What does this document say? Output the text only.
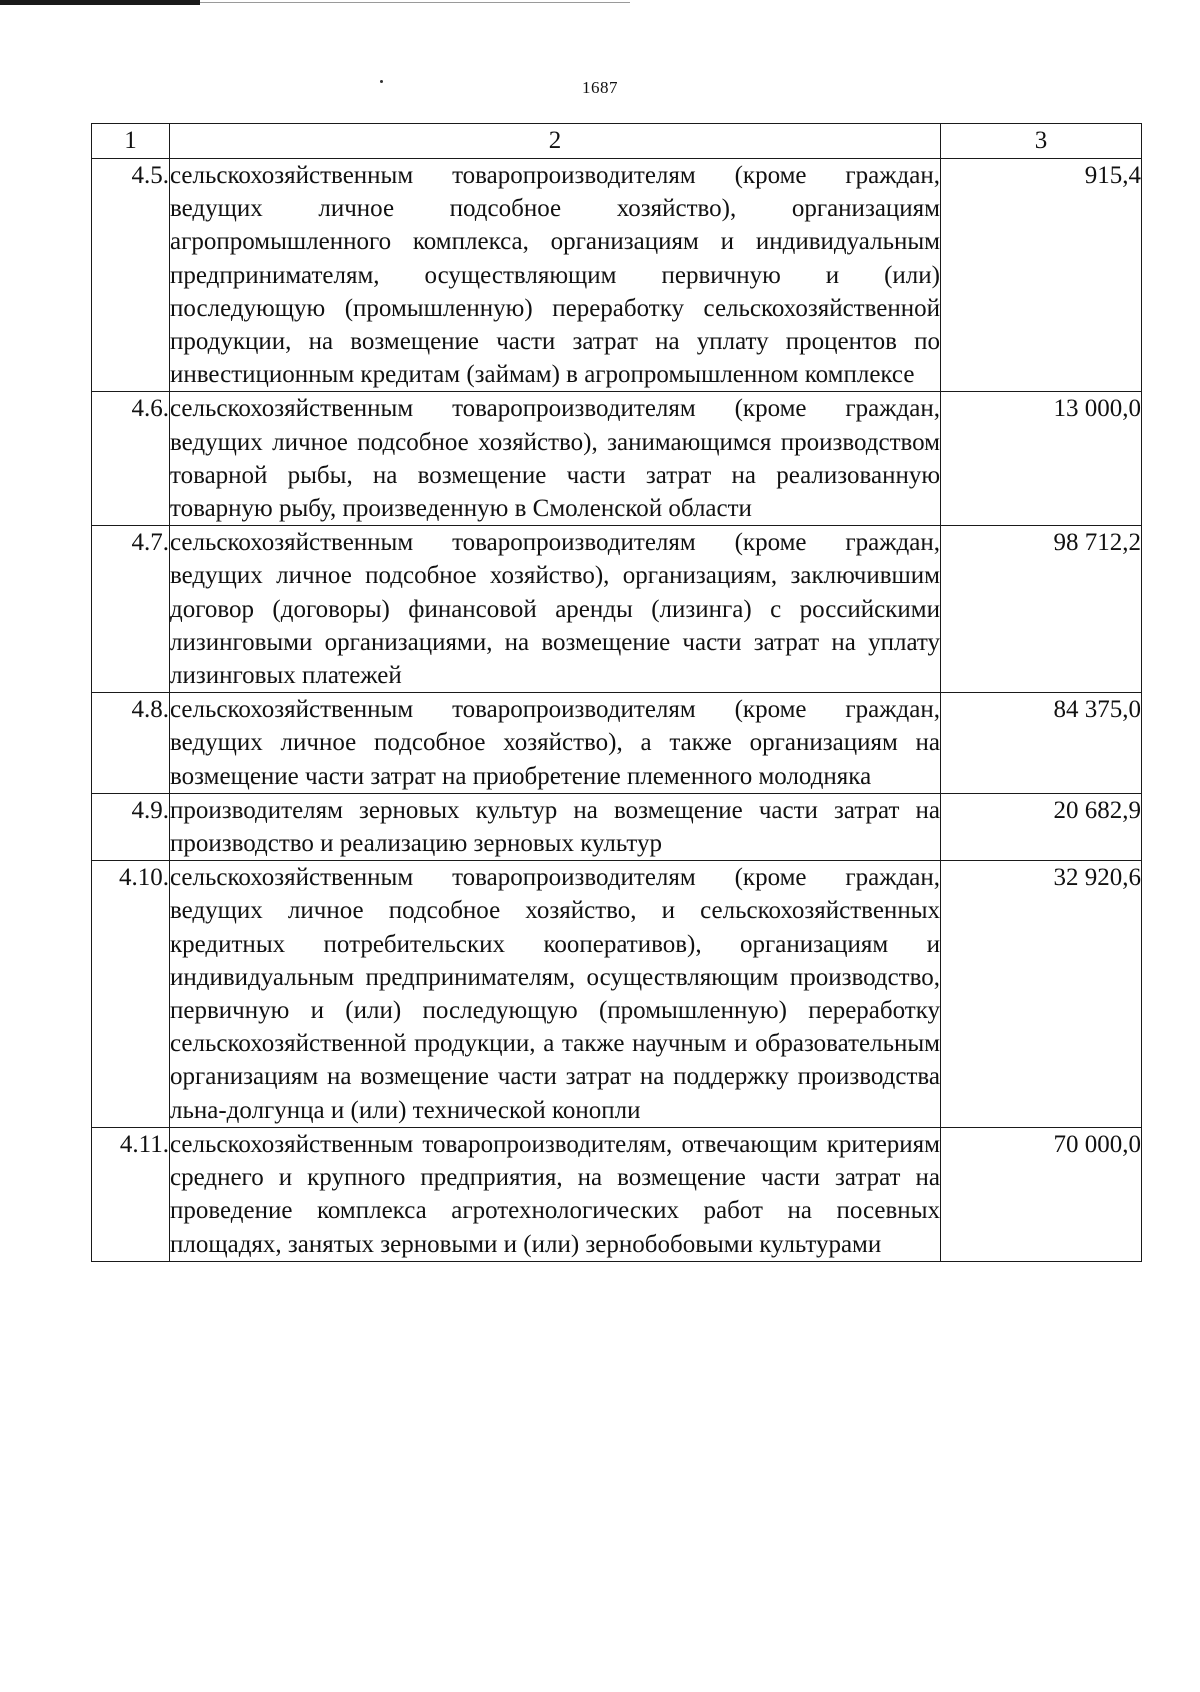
1687
1	2	3
4.5.	сельскохозяйственным товаропроизводителям (кроме граждан, ведущих личное подсобное хозяйство), организациям агропромышленного комплекса, организациям и индивидуальным предпринимателям, осуществляющим первичную и (или) последующую (промышленную) переработку сельскохозяйственной продукции, на возмещение части затрат на уплату процентов по инвестиционным кредитам (займам) в агропромышленном комплексе	915,4
4.6.	сельскохозяйственным товаропроизводителям (кроме граждан, ведущих личное подсобное хозяйство), занимающимся производством товарной рыбы, на возмещение части затрат на реализованную товарную рыбу, произведенную в Смоленской области	13 000,0
4.7.	сельскохозяйственным товаропроизводителям (кроме граждан, ведущих личное подсобное хозяйство), организациям, заключившим договор (договоры) финансовой аренды (лизинга) с российскими лизинговыми организациями, на возмещение части затрат на уплату лизинговых платежей	98 712,2
4.8.	сельскохозяйственным товаропроизводителям (кроме граждан, ведущих личное подсобное хозяйство), а также организациям на возмещение части затрат на приобретение племенного молодняка	84 375,0
4.9.	производителям зерновых культур на возмещение части затрат на производство и реализацию зерновых культур	20 682,9
4.10.	сельскохозяйственным товаропроизводителям (кроме граждан, ведущих личное подсобное хозяйство, и сельскохозяйственных кредитных потребительских кооперативов), организациям и индивидуальным предпринимателям, осуществляющим производство, первичную и (или) последующую (промышленную) переработку сельскохозяйственной продукции, а также научным и образовательным организациям на возмещение части затрат на поддержку производства льна-долгунца и (или) технической конопли	32 920,6
4.11.	сельскохозяйственным товаропроизводителям, отвечающим критериям среднего и крупного предприятия, на возмещение части затрат на проведение комплекса агротехнологических работ на посевных площадях, занятых зерновыми и (или) зернобобовыми культурами	70 000,0
